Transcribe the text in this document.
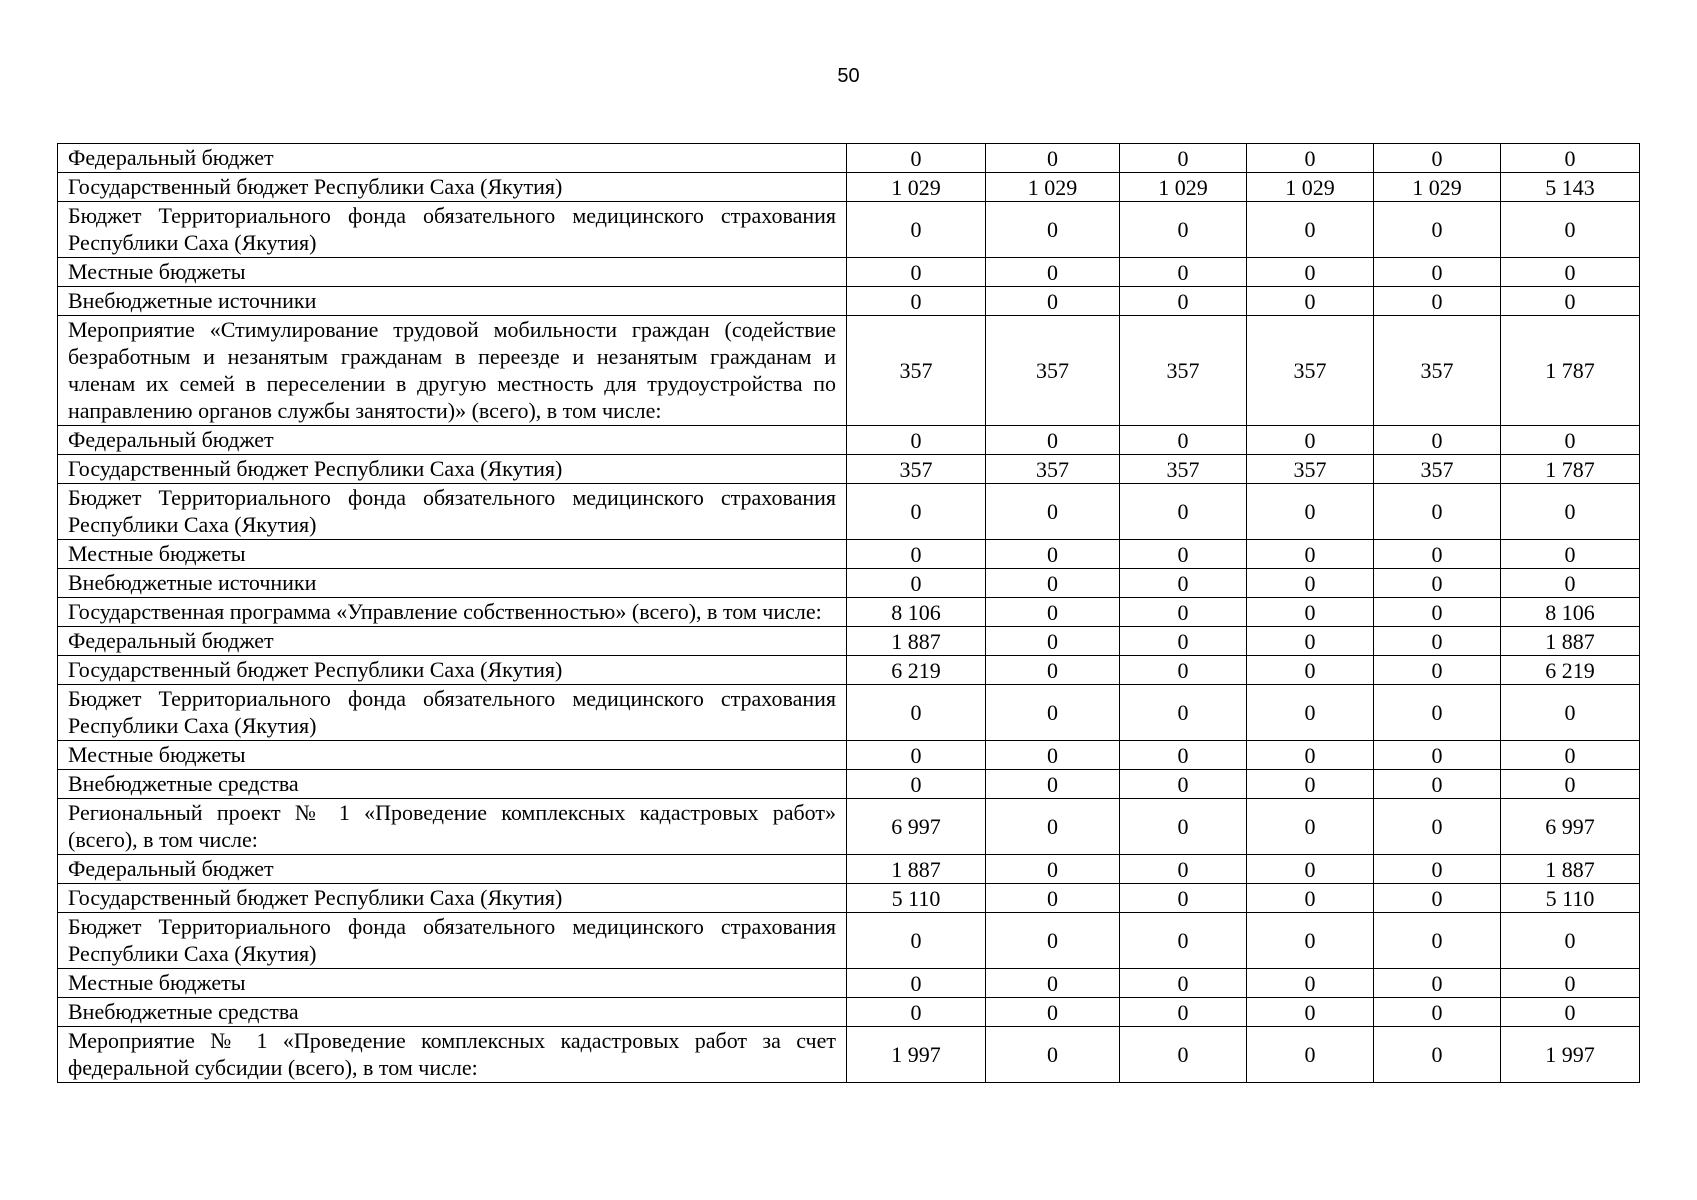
50
Федеральный бюджет	0	0	0	0	0	0
Государственный бюджет Республики Саха (Якутия)	1 029	1 029	1 029	1 029	1 029	5 143
Бюджет Территориального фонда обязательного медицинского страхования Республики Саха (Якутия)	0	0	0	0	0	0
Местные бюджеты	0	0	0	0	0	0
Внебюджетные источники	0	0	0	0	0	0
Мероприятие «Стимулирование трудовой мобильности граждан (содействие безработным и незанятым гражданам в переезде и незанятым гражданам и членам их семей в переселении в другую местность для трудоустройства по направлению органов службы занятости)» (всего), в том числе:	357	357	357	357	357	1 787
Федеральный бюджет	0	0	0	0	0	0
Государственный бюджет Республики Саха (Якутия)	357	357	357	357	357	1 787
Бюджет Территориального фонда обязательного медицинского страхования Республики Саха (Якутия)	0	0	0	0	0	0
Местные бюджеты	0	0	0	0	0	0
Внебюджетные источники	0	0	0	0	0	0
Государственная программа «Управление собственностью» (всего), в том числе:	8 106	0	0	0	0	8 106
Федеральный бюджет	1 887	0	0	0	0	1 887
Государственный бюджет Республики Саха (Якутия)	6 219	0	0	0	0	6 219
Бюджет Территориального фонда обязательного медицинского страхования Республики Саха (Якутия)	0	0	0	0	0	0
Местные бюджеты	0	0	0	0	0	0
Внебюджетные средства	0	0	0	0	0	0
Региональный проект № 1 «Проведение комплексных кадастровых работ» (всего), в том числе:	6 997	0	0	0	0	6 997
Федеральный бюджет	1 887	0	0	0	0	1 887
Государственный бюджет Республики Саха (Якутия)	5 110	0	0	0	0	5 110
Бюджет Территориального фонда обязательного медицинского страхования Республики Саха (Якутия)	0	0	0	0	0	0
Местные бюджеты	0	0	0	0	0	0
Внебюджетные средства	0	0	0	0	0	0
Мероприятие № 1 «Проведение комплексных кадастровых работ за счет федеральной субсидии (всего), в том числе:	1 997	0	0	0	0	1 997
